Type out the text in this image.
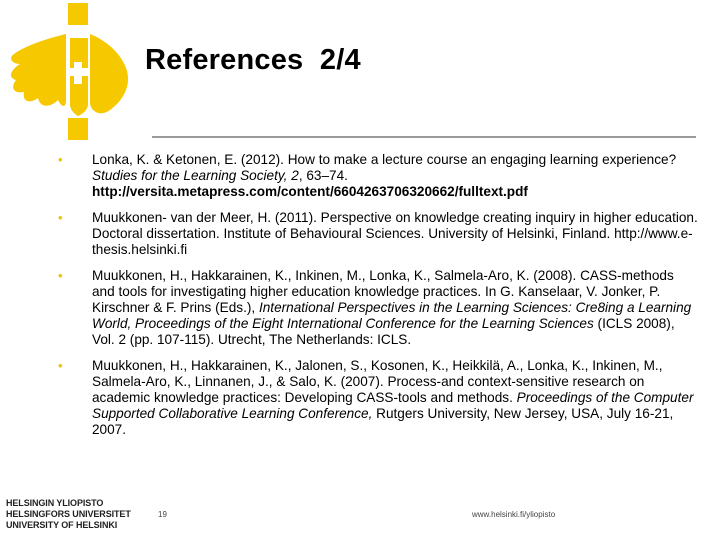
References  2/4
• Lonka, K. & Ketonen, E. (2012). How to make a lecture course an engaging learning experience? Studies for the Learning Society, 2, 63–74. http://versita.metapress.com/content/6604263706320662/fulltext.pdf
• Muukkonen- van der Meer, H. (2011). Perspective on knowledge creating inquiry in higher education. Doctoral dissertation. Institute of Behavioural Sciences. University of Helsinki, Finland. http://www.e-thesis.helsinki.fi
• Muukkonen, H., Hakkarainen, K., Inkinen, M., Lonka, K., Salmela-Aro, K. (2008). CASS-methods and tools for investigating higher education knowledge practices. In G. Kanselaar, V. Jonker, P. Kirschner & F. Prins (Eds.), International Perspectives in the Learning Sciences: Cre8ing a Learning World, Proceedings of the Eight International Conference for the Learning Sciences (ICLS 2008), Vol. 2 (pp. 107-115). Utrecht, The Netherlands: ICLS.
• Muukkonen, H., Hakkarainen, K., Jalonen, S., Kosonen, K., Heikkilä, A., Lonka, K., Inkinen, M., Salmela-Aro, K., Linnanen, J., & Salo, K. (2007). Process-and context-sensitive research on academic knowledge practices: Developing CASS-tools and methods. Proceedings of the Computer Supported Collaborative Learning Conference, Rutgers University, New Jersey, USA, July 16-21, 2007.
HELSINGIN YLIOPISTO
HELSINGFORS UNIVERSITET
UNIVERSITY OF HELSINKI
19	www.helsinki.fi/yliopisto
